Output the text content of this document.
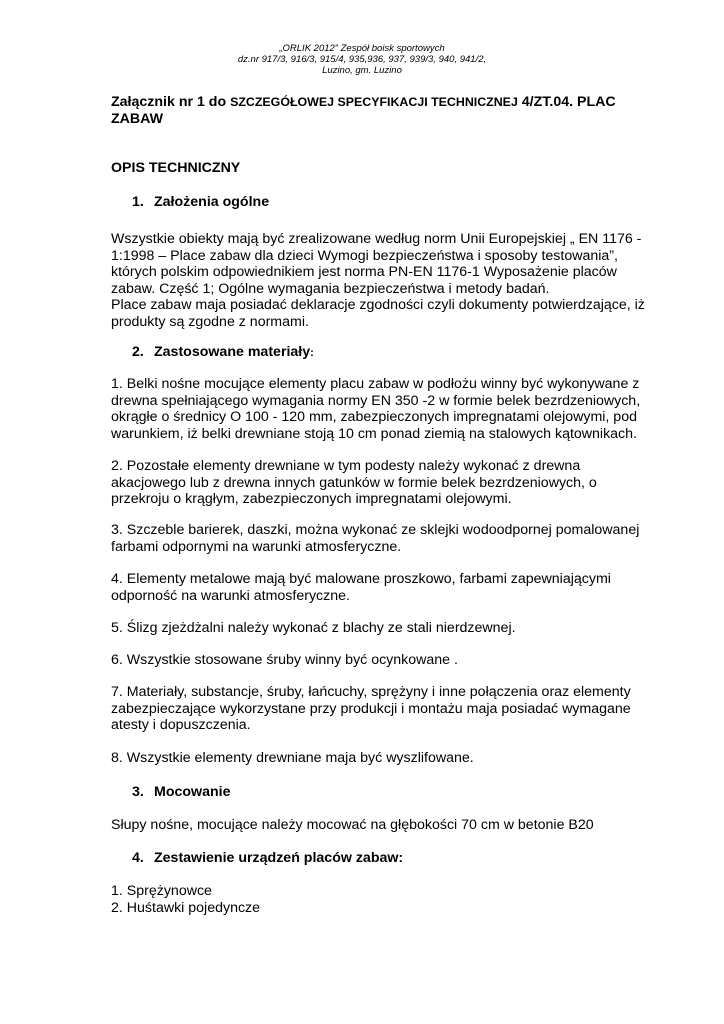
„ORLIK 2012” Zespół boisk sportowych
dz.nr 917/3, 916/3, 915/4, 935,936, 937, 939/3, 940, 941/2,
Luzino, gm. Luzino

Załącznik nr 1 do SZCZEGÓŁOWEJ SPECYFIKACJI TECHNICZNEJ 4/ZT.04. PLAC
ZABAW

OPIS TECHNICZNY

1. Założenia ogólne

Wszystkie obiekty mają być zrealizowane według norm Unii Europejskiej „ EN 1176 -
1:1998 – Place zabaw dla dzieci Wymogi bezpieczeństwa i sposoby testowania”,
których polskim odpowiednikiem jest norma PN-EN 1176-1 Wyposażenie placów
zabaw. Część 1; Ogólne wymagania bezpieczeństwa i metody badań.
Place zabaw maja posiadać deklaracje zgodności czyli dokumenty potwierdzające, iż
produkty są zgodne z normami.

2. Zastosowane materiały:

1. Belki nośne mocujące elementy placu zabaw w podłożu winny być wykonywane z
drewna spełniającego wymagania normy EN 350 -2 w formie belek bezrdzeniowych,
okrągłe o średnicy O 100 - 120 mm, zabezpieczonych impregnatami olejowymi, pod
warunkiem, iż belki drewniane stoją 10 cm ponad ziemią na stalowych kątownikach.
2. Pozostałe elementy drewniane w tym podesty należy wykonać z drewna
akacjowego lub z drewna innych gatunków w formie belek bezrdzeniowych, o
przekroju o krągłym, zabezpieczonych impregnatami olejowymi.
3. Szczeble barierek, daszki, można wykonać ze sklejki wodoodpornej pomalowanej
farbami odpornymi na warunki atmosferyczne.
4. Elementy metalowe mają być malowane proszkowo, farbami zapewniającymi
odporność na warunki atmosferyczne.
5. Ślizg zjeżdżalni należy wykonać z blachy ze stali nierdzewnej.
6. Wszystkie stosowane śruby winny być ocynkowane .
7. Materiały, substancje, śruby, łańcuchy, sprężyny i inne połączenia oraz elementy
zabezpieczające wykorzystane przy produkcji i montażu maja posiadać wymagane
atesty i dopuszczenia.
8. Wszystkie elementy drewniane maja być wyszlifowane.

3. Mocowanie

Słupy nośne, mocujące należy mocować na głębokości 70 cm w betonie B20

4. Zestawienie urządzeń placów zabaw:

1. Sprężynowce
2. Huśtawki pojedyncze
